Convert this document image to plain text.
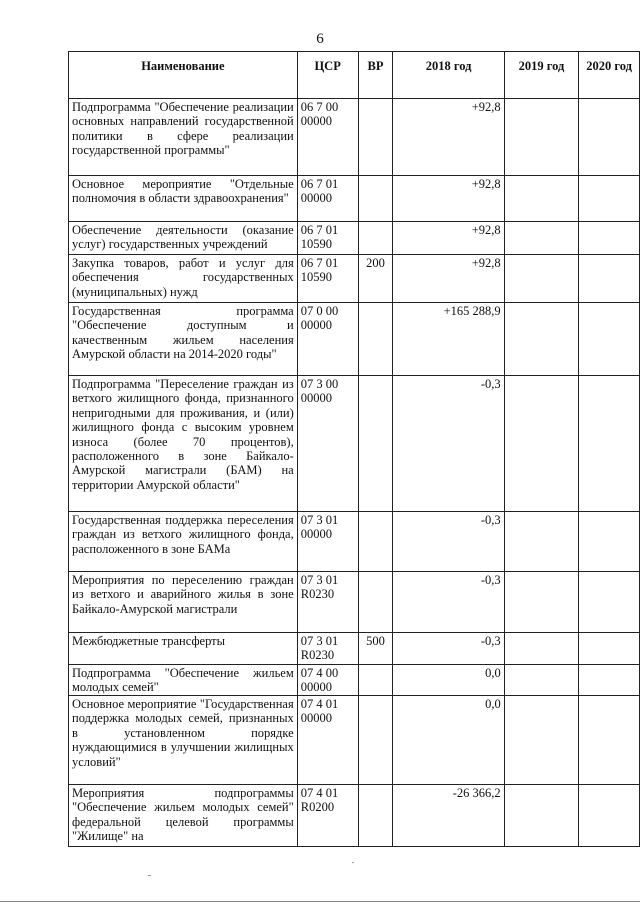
6
Наименование	ЦСР	ВР	2018 год	2019 год	2020 год
Подпрограмма "Обеспечение реализации основных направлений государственной политики в сфере реализации государственной программы"	06 7 00 00000		+92,8		
Основное мероприятие "Отдельные полномочия в области здравоохранения"	06 7 01 00000		+92,8		
Обеспечение деятельности (оказание услуг) государственных учреждений	06 7 01 10590		+92,8		
Закупка товаров, работ и услуг для обеспечения государственных (муниципальных) нужд	06 7 01 10590	200	+92,8		
Государственная программа "Обеспечение доступным и качественным жильем населения Амурской области на 2014-2020 годы"	07 0 00 00000		+165 288,9		
Подпрограмма "Переселение граждан из ветхого жилищного фонда, признанного непригодными для проживания, и (или) жилищного фонда с высоким уровнем износа (более 70 процентов), расположенного в зоне Байкало-Амурской магистрали (БАМ) на территории Амурской области"	07 3 00 00000		-0,3		
Государственная поддержка переселения граждан из ветхого жилищного фонда, расположенного в зоне БАМа	07 3 01 00000		-0,3		
Мероприятия по переселению граждан из ветхого и аварийного жилья в зоне Байкало-Амурской магистрали	07 3 01 R0230		-0,3		
Межбюджетные трансферты	07 3 01 R0230	500	-0,3		
Подпрограмма "Обеспечение жильем молодых семей"	07 4 00 00000		0,0		
Основное мероприятие "Государственная поддержка молодых семей, признанных в установленном порядке нуждающимися в улучшении жилищных условий"	07 4 01 00000		0,0		
Мероприятия подпрограммы "Обеспечение жильем молодых семей" федеральной целевой программы "Жилище" на	07 4 01 R0200		-26 366,2		
